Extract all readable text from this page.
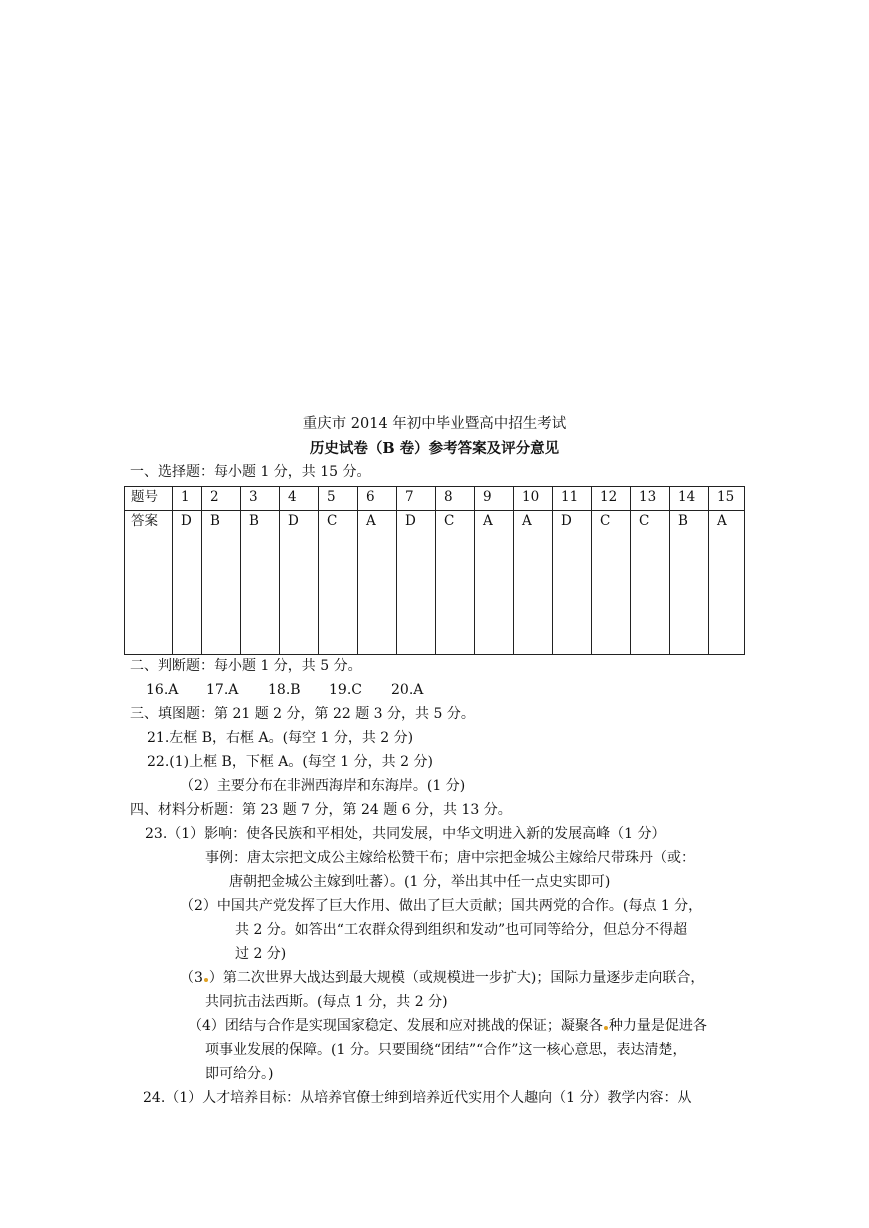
重庆市 2014 年初中毕业暨高中招生考试
历史试卷（B 卷）参考答案及评分意见
一、选择题：每小题 1 分，共 15 分。
题号	1	2	3	4	5	6	7	8	9	10	11	12	13	14	15
答案	D	B	B	D	C	A	D	C	A	A	D	C	C	B	A
二、判断题：每小题 1 分，共 5 分。
16.A 17.A 18.B 19.C 20.A
三、填图题：第 21 题 2 分，第 22 题 3 分，共 5 分。
21.左框 B，右框 A。(每空 1 分，共 2 分)
22.(1)上框 B，下框 A。(每空 1 分，共 2 分)
（2）主要分布在非洲西海岸和东海岸。(1 分)
四、材料分析题：第 23 题 7 分，第 24 题 6 分，共 13 分。
23.（1）影响：使各民族和平相处，共同发展，中华文明进入新的发展高峰（1 分）
事例：唐太宗把文成公主嫁给松赞干布；唐中宗把金城公主嫁给尺带珠丹（或：
唐朝把金城公主嫁到吐蕃）。(1 分，举出其中任一点史实即可)
（2）中国共产党发挥了巨大作用、做出了巨大贡献；国共两党的合作。(每点 1 分，
共 2 分。如答出“工农群众得到组织和发动”也可同等给分，但总分不得超
过 2 分)
（3 ）第二次世界大战达到最大规模（或规模进一步扩大)；国际力量逐步走向联合，
共同抗击法西斯。(每点 1 分，共 2 分)
（4）团结与合作是实现国家稳定、发展和应对挑战的保证；凝聚各 种力量是促进各
项事业发展的保障。(1 分。只要围绕“团结”“合作”这一核心意思，表达清楚，
即可给分。)
24.（1）人才培养目标：从培养官僚士绅到培养近代实用个人趣向（1 分）教学内容：从
